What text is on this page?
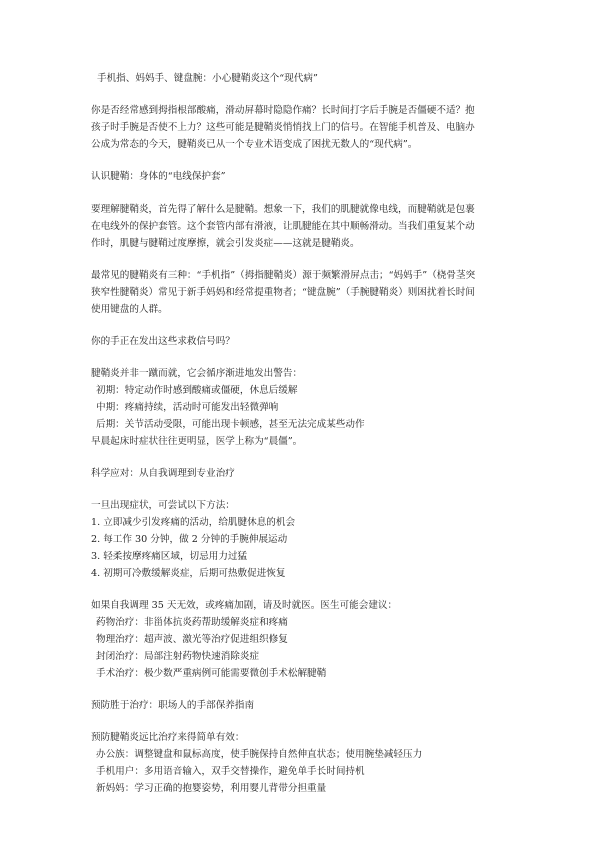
手机指、妈妈手、键盘腕：小心腱鞘炎这个“现代病”

你是否经常感到拇指根部酸痛，滑动屏幕时隐隐作痛？长时间打字后手腕是否僵硬不适？抱

孩子时手腕是否使不上力？这些可能是腱鞘炎悄悄找上门的信号。在智能手机普及、电脑办

公成为常态的今天，腱鞘炎已从一个专业术语变成了困扰无数人的“现代病”。

认识腱鞘：身体的“电线保护套”

要理解腱鞘炎，首先得了解什么是腱鞘。想象一下，我们的肌腱就像电线，而腱鞘就是包裹

在电线外的保护套管。这个套管内部有滑液，让肌腱能在其中顺畅滑动。当我们重复某个动

作时，肌腱与腱鞘过度摩擦，就会引发炎症——这就是腱鞘炎。

最常见的腱鞘炎有三种：“手机指”（拇指腱鞘炎）源于频繁滑屏点击；“妈妈手”（桡骨茎突

狭窄性腱鞘炎）常见于新手妈妈和经常提重物者；“键盘腕”（手腕腱鞘炎）则困扰着长时间

使用键盘的人群。

你的手正在发出这些求救信号吗？

腱鞘炎并非一蹴而就，它会循序渐进地发出警告：

初期：特定动作时感到酸痛或僵硬，休息后缓解

中期：疼痛持续，活动时可能发出轻微弹响

后期：关节活动受限，可能出现卡顿感，甚至无法完成某些动作

早晨起床时症状往往更明显，医学上称为“晨僵”。

科学应对：从自我调理到专业治疗

一旦出现症状，可尝试以下方法：

1. 立即减少引发疼痛的活动，给肌腱休息的机会

2. 每工作 30 分钟，做 2 分钟的手腕伸展运动

3. 轻柔按摩疼痛区域，切忌用力过猛

4. 初期可冷敷缓解炎症，后期可热敷促进恢复

如果自我调理 35 天无效，或疼痛加剧，请及时就医。医生可能会建议：

药物治疗：非甾体抗炎药帮助缓解炎症和疼痛

物理治疗：超声波、激光等治疗促进组织修复

封闭治疗：局部注射药物快速消除炎症

手术治疗：极少数严重病例可能需要微创手术松解腱鞘

预防胜于治疗：职场人的手部保养指南

预防腱鞘炎远比治疗来得简单有效：

办公族：调整键盘和鼠标高度，使手腕保持自然伸直状态；使用腕垫减轻压力

手机用户：多用语音输入，双手交替操作，避免单手长时间持机

新妈妈：学习正确的抱婴姿势，利用婴儿背带分担重量
